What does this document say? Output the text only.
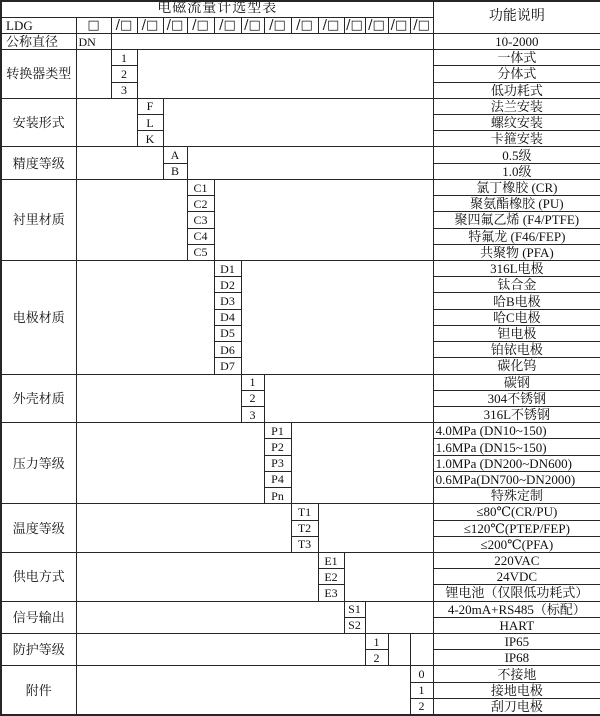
电磁流量计选型表															功能说明
LDG	□	/□	/□	/□	/□	/□	/□	/□	/□	/□	/□	/□	/□	/□	
公称直径	DN														10-2000
转换器类型		1													一体式
		2													分体式
		3													低功耗式
安装形式			F												法兰安装
			L												螺纹安装
			K												卡箍安装
精度等级				A											0.5级
				B											1.0级
衬里材质					C1										氯丁橡胶 (CR)
					C2										聚氨酯橡胶 (PU)
					C3										聚四氟乙烯 (F4/PTFE)
					C4										特氟龙 (F46/FEP)
					C5										共聚物 (PFA)
电极材质						D1									316L电极
						D2									钛合金
						D3									哈B电极
						D4									哈C电极
						D5									钽电极
						D6									铂铱电极
						D7									碳化钨
外壳材质							1								碳钢
							2								304不锈钢
							3								316L不锈钢
压力等级								P1							4.0MPa (DN10~150)
								P2							1.6MPa (DN15~150)
								P3							1.0MPa (DN200~DN600)
								P4							0.6MPa(DN700~DN2000)
								Pn							特殊定制
温度等级									T1						≤80℃(CR/PU)
									T2						≤120℃(PTEP/FEP)
									T3						≤200℃(PFA)
供电方式										E1					220VAC
										E2					24VDC
										E3					锂电池（仅限低功耗式）
信号输出											S1				4-20mA+RS485（标配）
											S2				HART
防护等级												1			IP65
												2			IP68
附件														0	不接地
														1	接地电极
														2	刮刀电极
